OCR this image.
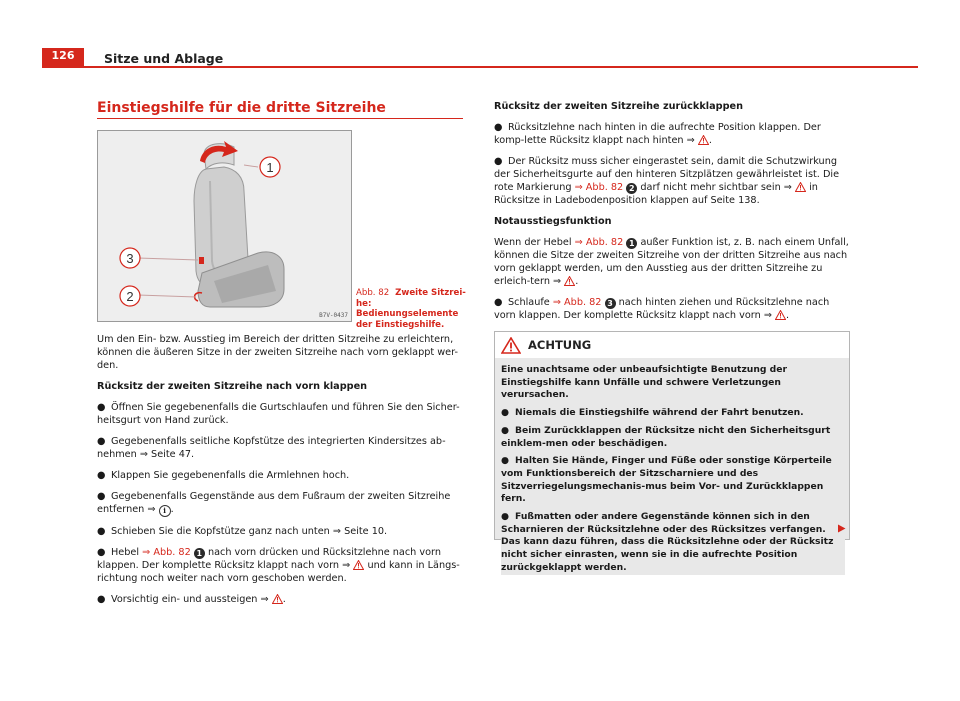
126	Sitze und Ablage
Einstiegshilfe für die dritte Sitzreihe
1
3
2
B7V-0437
Abb. 82 Zweite Sitzrei-he: Bedienungselemente der Einstiegshilfe.

Um den Ein- bzw. Ausstieg im Bereich der dritten Sitzreihe zu erleichtern, können die äußeren Sitze in der zweiten Sitzreihe nach vorn geklappt wer-den.

Rücksitz der zweiten Sitzreihe nach vorn klappen

● Öffnen Sie gegebenenfalls die Gurtschlaufen und führen Sie den Sicher-heitsgurt von Hand zurück.

● Gegebenenfalls seitliche Kopfstütze des integrierten Kindersitzes ab-nehmen ⇒ Seite 47.

● Klappen Sie gegebenenfalls die Armlehnen hoch.

● Gegebenenfalls Gegenstände aus dem Fußraum der zweiten Sitzreihe entfernen ⇒ i .

● Schieben Sie die Kopfstütze ganz nach unten ⇒ Seite 10.

● Hebel ⇒ Abb. 82 1 nach vorn drücken und Rücksitzlehne nach vorn klappen. Der komplette Rücksitz klappt nach vorn ⇒ und kann in Längs-richtung noch weiter nach vorn geschoben werden.

● Vorsichtig ein- und aussteigen ⇒ .

Rücksitz der zweiten Sitzreihe zurückklappen

● Rücksitzlehne nach hinten in die aufrechte Position klappen. Der komp-lette Rücksitz klappt nach hinten ⇒ .

● Der Rücksitz muss sicher eingerastet sein, damit die Schutzwirkung der Sicherheitsgurte auf den hinteren Sitzplätzen gewährleistet ist. Die rote Markierung ⇒ Abb. 82 2 darf nicht mehr sichtbar sein ⇒ in Rücksitze in Ladebodenposition klappen auf Seite 138.

Notausstiegsfunktion

Wenn der Hebel ⇒ Abb. 82 1 außer Funktion ist, z. B. nach einem Unfall, können die Sitze der zweiten Sitzreihe von der dritten Sitzreihe aus nach vorn geklappt werden, um den Ausstieg aus der dritten Sitzreihe zu erleich-tern ⇒ .

● Schlaufe ⇒ Abb. 82 3 nach hinten ziehen und Rücksitzlehne nach vorn klappen. Der komplette Rücksitz klappt nach vorn ⇒ .

ACHTUNG

Eine unachtsame oder unbeaufsichtigte Benutzung der Einstiegshilfe kann Unfälle und schwere Verletzungen verursachen.

● Niemals die Einstiegshilfe während der Fahrt benutzen.

● Beim Zurückklappen der Rücksitze nicht den Sicherheitsgurt einklem-men oder beschädigen.

● Halten Sie Hände, Finger und Füße oder sonstige Körperteile vom Funktionsbereich der Sitzscharniere und des Sitzverriegelungsmechanis-mus beim Vor- und Zurückklappen fern.

● Fußmatten oder andere Gegenstände können sich in den Scharnieren der Rücksitzlehne oder des Rücksitzes verfangen. Das kann dazu führen, dass die Rücksitzlehne oder der Rücksitz nicht sicher einrasten, wenn sie in die aufrechte Position zurückgeklappt werden.
